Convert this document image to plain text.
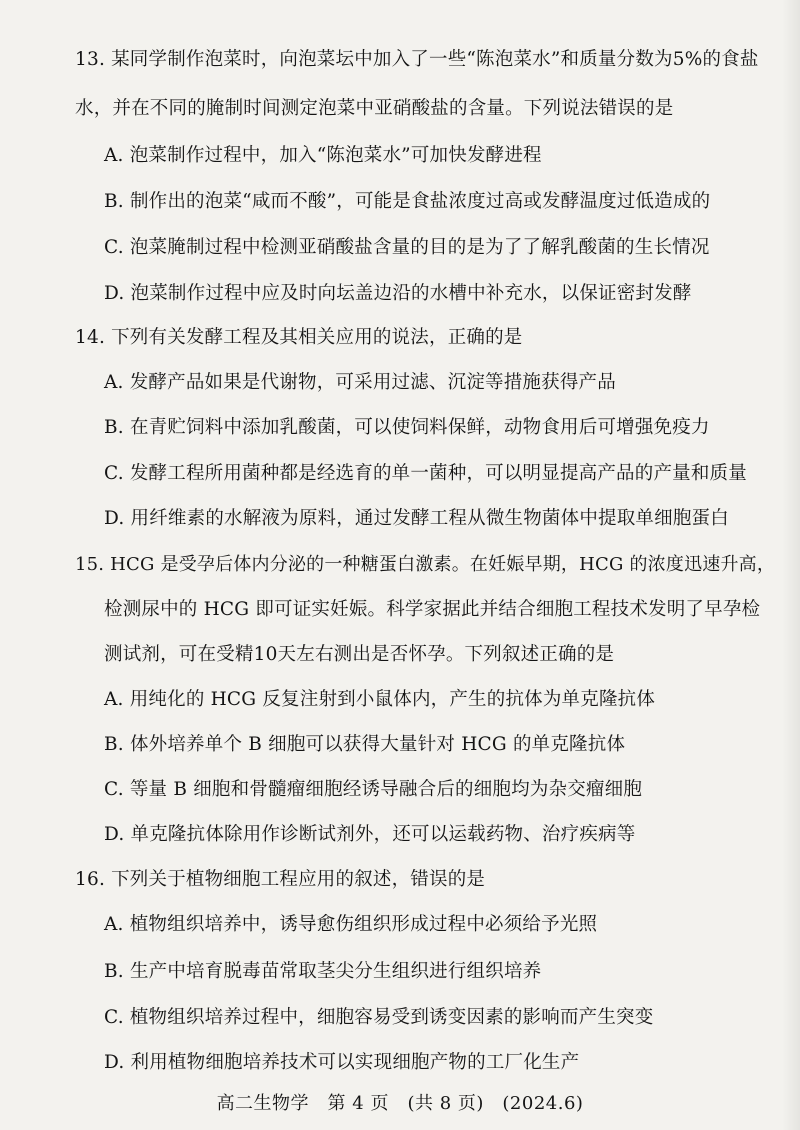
13. 某同学制作泡菜时，向泡菜坛中加入了一些“陈泡菜水”和质量分数为5%的食盐
水，并在不同的腌制时间测定泡菜中亚硝酸盐的含量。下列说法错误的是
A. 泡菜制作过程中，加入“陈泡菜水”可加快发酵进程
B. 制作出的泡菜“咸而不酸”，可能是食盐浓度过高或发酵温度过低造成的
C. 泡菜腌制过程中检测亚硝酸盐含量的目的是为了了解乳酸菌的生长情况
D. 泡菜制作过程中应及时向坛盖边沿的水槽中补充水，以保证密封发酵
14. 下列有关发酵工程及其相关应用的说法，正确的是
A. 发酵产品如果是代谢物，可采用过滤、沉淀等措施获得产品
B. 在青贮饲料中添加乳酸菌，可以使饲料保鲜，动物食用后可增强免疫力
C. 发酵工程所用菌种都是经选育的单一菌种，可以明显提高产品的产量和质量
D. 用纤维素的水解液为原料，通过发酵工程从微生物菌体中提取单细胞蛋白
15. HCG 是受孕后体内分泌的一种糖蛋白激素。在妊娠早期，HCG 的浓度迅速升高，
检测尿中的 HCG 即可证实妊娠。科学家据此并结合细胞工程技术发明了早孕检
测试剂，可在受精10天左右测出是否怀孕。下列叙述正确的是
A. 用纯化的 HCG 反复注射到小鼠体内，产生的抗体为单克隆抗体
B. 体外培养单个 B 细胞可以获得大量针对 HCG 的单克隆抗体
C. 等量 B 细胞和骨髓瘤细胞经诱导融合后的细胞均为杂交瘤细胞
D. 单克隆抗体除用作诊断试剂外，还可以运载药物、治疗疾病等
16. 下列关于植物细胞工程应用的叙述，错误的是
A. 植物组织培养中，诱导愈伤组织形成过程中必须给予光照
B. 生产中培育脱毒苗常取茎尖分生组织进行组织培养
C. 植物组织培养过程中，细胞容易受到诱变因素的影响而产生突变
D. 利用植物细胞培养技术可以实现细胞产物的工厂化生产
高二生物学　第 4 页　(共 8 页)　(2024.6)
